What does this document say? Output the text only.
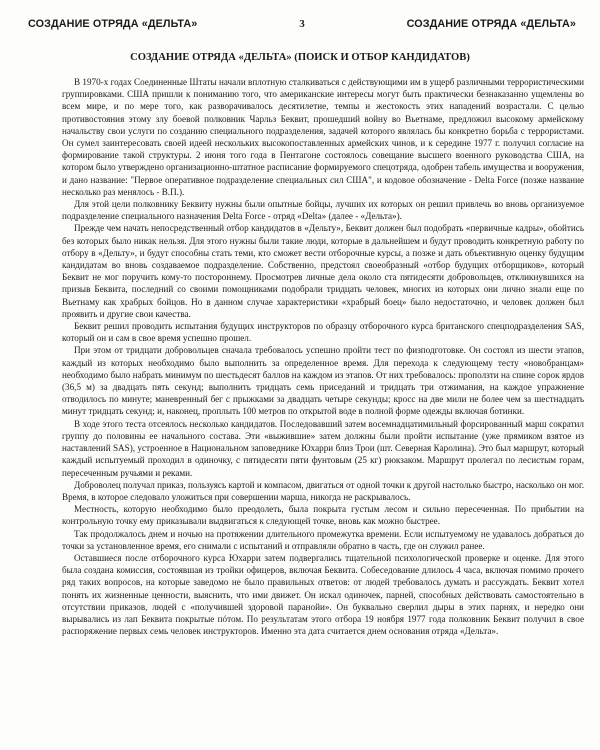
СОЗДАНИЕ ОТРЯДА «ДЕЛЬТА»	3	СОЗДАНИЕ ОТРЯДА «ДЕЛЬТА»
СОЗДАНИЕ ОТРЯДА «ДЕЛЬТА» (ПОИСК И ОТБОР КАНДИДАТОВ)

В 1970-х годах Соединенные Штаты начали вплотную сталкиваться с действующими им в ущерб различными террористическими группировками. США пришли к пониманию того, что американские интересы могут быть практически безнаказанно ущемлены во всем мире, и по мере того, как разворачивалось десятилетие, темпы и жестокость этих нападений возрастали. С целью противостояния этому злу боевой полковник Чарльз Беквит, прошедший войну во Вьетнаме, предложил высокому армейскому начальству свои услуги по созданию специального подразделения, задачей которого являлась бы конкретно борьба с террористами. Он сумел заинтересовать своей идеей нескольких высокопоставленных армейских чинов, и к середине 1977 г. получил согласие на формирование такой структуры. 2 июня того года в Пентагоне состоялось совещание высшего военного руководства США, на котором было утверждено организационно-штатное расписание формируемого спецотряда, одобрен табель имущества и вооружения, и дано название: "Первое оперативное подразделение специальных сил США", и кодовое обозначение - Delta Force (позже название несколько раз менялось - В.П.).

Для этой цели полковнику Беквиту нужны были опытные бойцы, лучших их которых он решил привлечь во вновь организуемое подразделение специального назначения Delta Force - отряд «Delta» (далее - «Дельта»).

Прежде чем начать непосредственный отбор кандидатов в «Дельту», Беквит должен был подобрать «первичные кадры», обойтись без которых было никак нельзя. Для этого нужны были такие люди, которые в дальнейшем и будут проводить конкретную работу по отбору в «Дельту», и будут способны стать теми, кто сможет вести отборочные курсы, а позже и дать объективную оценку будущим кандидатам во вновь создаваемое подразделение. Собственно, предстоял своеобразный «отбор будущих отборщиков», который Беквит не мог поручить кому-то постороннему. Просмотрев личные дела около ста пятидесяти добровольцев, откликнувшихся на призыв Беквита, последний со своими помощниками подобрали тридцать человек, многих из которых они лично знали еще по Вьетнаму как храбрых бойцов. Но в данном случае характеристики «храбрый боец» было недостаточно, и человек должен был проявить и другие свои качества.

Беквит решил проводить испытания будущих инструкторов по образцу отборочного курса британского спецподразделения SAS, который он и сам в свое время успешно прошел.

При этом от тридцати добровольцев сначала требовалось успешно пройти тест по физподготовке. Он состоял из шести этапов, каждый из которых необходимо было выполнить за определенное время. Для перехода к следующему тесту «новобранцам» необходимо было набрать минимум по шестьдесят баллов на каждом из этапов. От них требовалось: проползти на спине сорок ярдов (36,5 м) за двадцать пять секунд; выполнить тридцать семь приседаний и тридцать три отжимания, на каждое упражнение отводилось по минуте; маневренный бег с прыжками за двадцать четыре секунды; кросс на две мили не более чем за шестнадцать минут тридцать секунд; и, наконец, проплыть 100 метров по открытой воде в полной форме одежды включая ботинки.

В ходе этого теста отсеялось несколько кандидатов. Последовавший затем восемнадцатимильный форсированный марш сократил группу до половины ее начального состава. Эти «выжившие» затем должны были пройти испытание (уже прямиком взятое из наставлений SAS), устроенное в Национальном заповеднике Юхарри близ Трои (шт. Северная Каролина). Это был маршрут, который каждый испытуемый проходил в одиночку, с пятидесяти пяти фунтовым (25 кг) рюкзаком. Маршрут пролегал по лесистым горам, пересеченным ручьями и реками.

Доброволец получал приказ, пользуясь картой и компасом, двигаться от одной точки к другой настолько быстро, насколько он мог. Время, в которое следовало уложиться при совершении марша, никогда не раскрывалось.

Местность, которую необходимо было преодолеть, была покрыта густым лесом и сильно пересеченная. По прибытии на контрольную точку ему приказывали выдвигаться к следующей точке, вновь как можно быстрее.

Так продолжалось днем и ночью на протяжении длительного промежутка времени. Если испытуемому не удавалось добраться до точки за установленное время, его снимали с испытаний и отправляли обратно в часть, где он служил ранее.

Оставшиеся после отборочного курса Юхарри затем подвергались тщательной психологической проверке и оценке. Для этого была создана комиссия, состоявшая из тройки офицеров, включая Беквита. Собеседование длилось 4 часа, включая помимо прочего ряд таких вопросов, на которые заведомо не было правильных ответов: от людей требовалось думать и рассуждать. Беквит хотел понять их жизненные ценности, выяснить, что ими движет. Он искал одиночек, парней, способных действовать самостоятельно в отсутствии приказов, людей с «получившей здоровой паранойи». Он буквально сверлил дыры в этих парнях, и нередко они вырывались из лап Беквита покрытые пóтом. По результатам этого отбора 19 ноября 1977 года полковник Беквит получил в свое распоряжение первых семь человек инструкторов. Именно эта дата считается днем основания отряда «Дельта».
